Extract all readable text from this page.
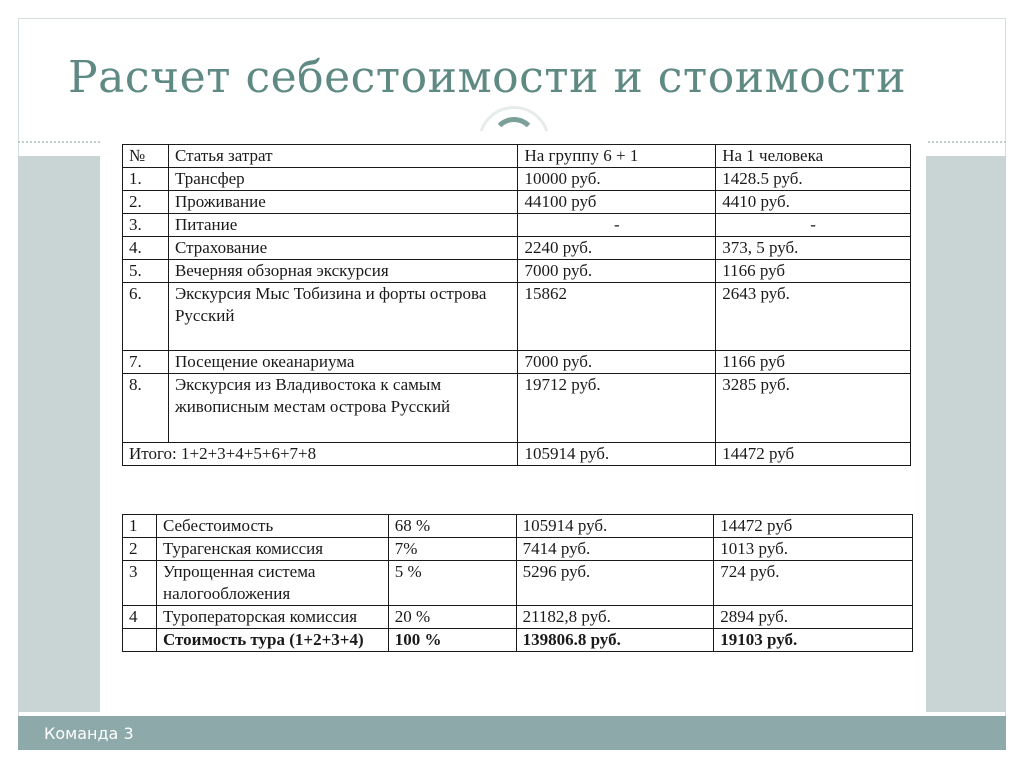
Расчет себестоимости и стоимости
№	Статья затрат	На группу 6 + 1	На 1 человека
1.	Трансфер	10000 руб.	1428.5 руб.
2.	Проживание	44100 руб	4410 руб.
3.	Питание	-	-
4.	Страхование	2240 руб.	373, 5 руб.
5.	Вечерняя обзорная экскурсия	7000 руб.	1166 руб
6.	Экскурсия Мыс Тобизина и форты острова Русский	15862	2643 руб.
7.	Посещение океанариума	7000 руб.	1166 руб
8.	Экскурсия из Владивостока к самым живописным местам острова Русский	19712 руб.	3285 руб.
Итого: 1+2+3+4+5+6+7+8		105914 руб.	14472 руб
1	Себестоимость	68 %	105914 руб.	14472 руб
2	Турагенская комиссия	7%	7414 руб.	1013 руб.
3	Упрощенная система налогообложения	5 %	5296 руб.	724 руб.
4	Туроператорская комиссия	20 %	21182,8 руб.	2894 руб.
	Стоимость тура (1+2+3+4)	100 %	139806.8 руб.	19103 руб.
Команда 3
